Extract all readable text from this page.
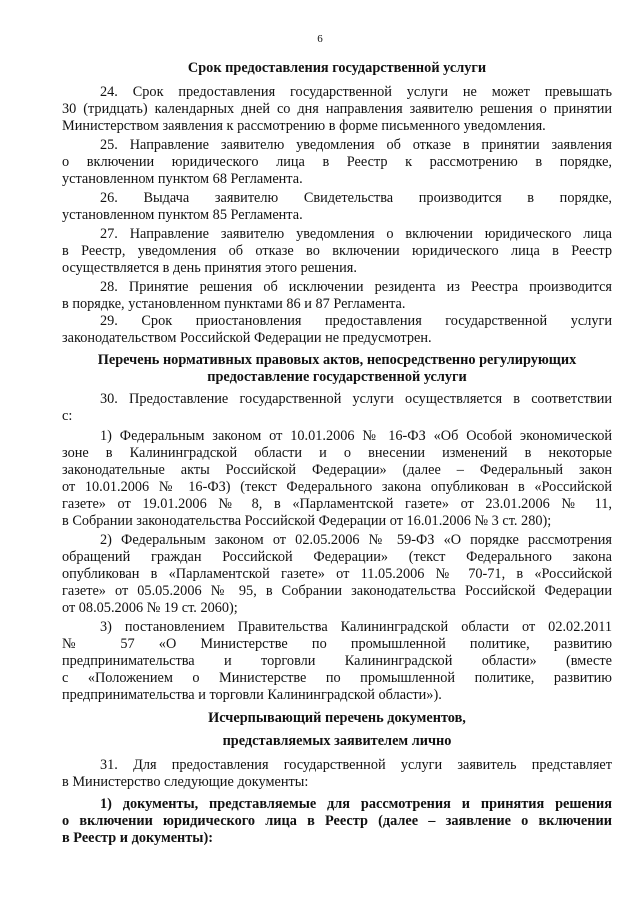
6
Срок предоставления государственной услуги
24. Срок предоставления государственной услуги не может превышать
30 (тридцать) календарных дней со дня направления заявителю решения о принятии
Министерством заявления к рассмотрению в форме письменного уведомления.
25. Направление заявителю уведомления об отказе в принятии заявления
о включении юридического лица в Реестр к рассмотрению в порядке,
установленном пунктом 68 Регламента.
26. Выдача заявителю Свидетельства производится в порядке,
установленном пунктом 85 Регламента.
27. Направление заявителю уведомления о включении юридического лица
в Реестр, уведомления об отказе во включении юридического лица в Реестр
осуществляется в день принятия этого решения.
28. Принятие решения об исключении резидента из Реестра производится
в порядке, установленном пунктами 86 и 87 Регламента.
29. Срок приостановления предоставления государственной услуги
законодательством Российской Федерации не предусмотрен.
Перечень нормативных правовых актов, непосредственно регулирующих
предоставление государственной услуги
30. Предоставление государственной услуги осуществляется в соответствии
с:
1) Федеральным законом от 10.01.2006 № 16-ФЗ «Об Особой экономической
зоне в Калининградской области и о внесении изменений в некоторые
законодательные акты Российской Федерации» (далее – Федеральный закон
от 10.01.2006 № 16-ФЗ) (текст Федерального закона опубликован в «Российской
газете» от 19.01.2006 № 8, в «Парламентской газете» от 23.01.2006 № 11,
в Собрании законодательства Российской Федерации от 16.01.2006 № 3 ст. 280);
2) Федеральным законом от 02.05.2006 № 59-ФЗ «О порядке рассмотрения
обращений граждан Российской Федерации» (текст Федерального закона
опубликован в «Парламентской газете» от 11.05.2006 № 70-71, в «Российской
газете» от 05.05.2006 № 95, в Собрании законодательства Российской Федерации
от 08.05.2006 № 19 ст. 2060);
3) постановлением Правительства Калининградской области от 02.02.2011
№ 57 «О Министерстве по промышленной политике, развитию
предпринимательства и торговли Калининградской области» (вместе
с «Положением о Министерстве по промышленной политике, развитию
предпринимательства и торговли Калининградской области»).
Исчерпывающий перечень документов,
представляемых заявителем лично
31. Для предоставления государственной услуги заявитель представляет
в Министерство следующие документы:
1) документы, представляемые для рассмотрения и принятия решения
о включении юридического лица в Реестр (далее – заявление о включении
в Реестр и документы):
